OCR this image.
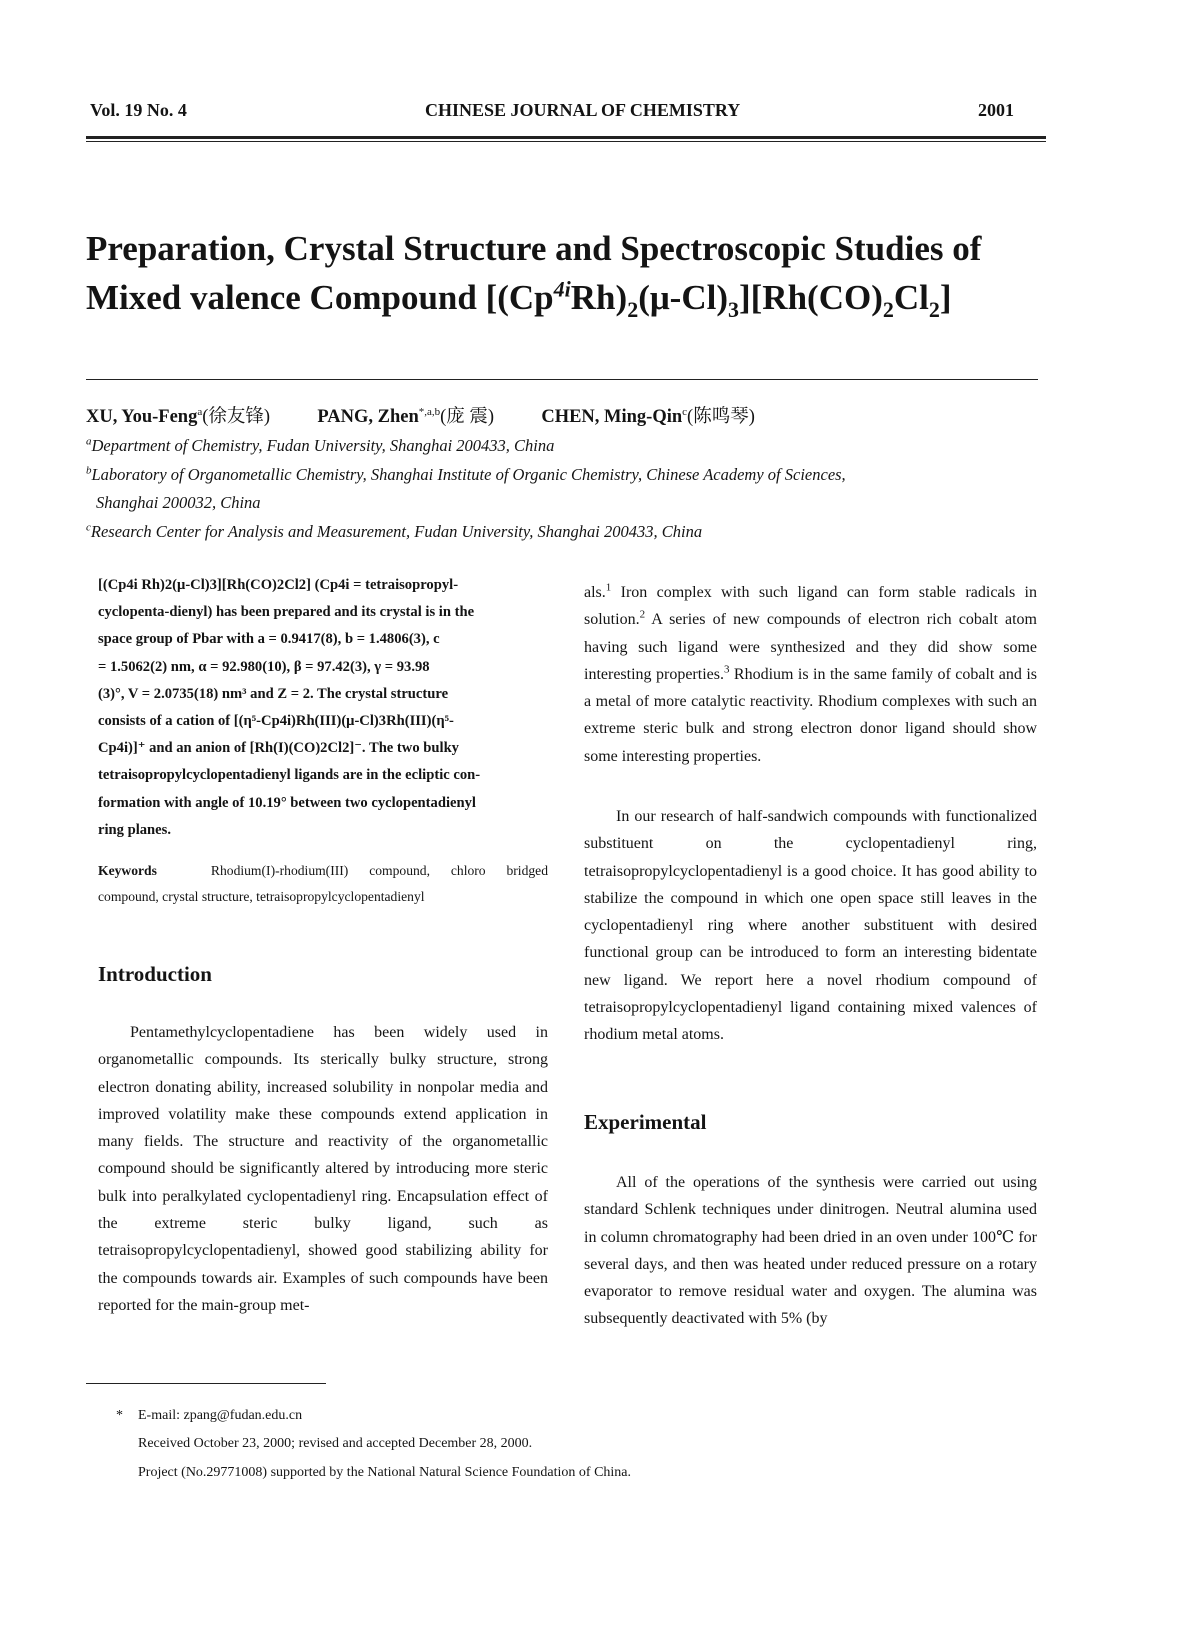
Vol. 19 No. 4	CHINESE JOURNAL OF CHEMISTRY	2001
Preparation, Crystal Structure and Spectroscopic Studies of
Mixed valence Compound $[(Cp^{4i}Rh)_2(\mu-Cl)_3][Rh(CO)_2Cl_2]$
XU, You-Feng$^a$(徐友锋)	PANG, Zhen$^{*,a,b}$(庞 震)	CHEN, Ming-Qin$^c$(陈鸣琴)
$^a$Department of Chemistry, Fudan University, Shanghai 200433, China
$^b$Laboratory of Organometallic Chemistry, Shanghai Institute of Organic Chemistry, Chinese Academy of Sciences,
Shanghai 200032, China
$^c$Research Center for Analysis and Measurement, Fudan University, Shanghai 200433, China
[(Cp4i Rh)2(μ-Cl)3][Rh(CO)2Cl2] (Cp4i = tetraisopropyl-
cyclopenta-dienyl) has been prepared and its crystal is in the
space group of Pbar with a = 0.9417(8), b = 1.4806(3), c
= 1.5062(2) nm, α = 92.980(10), β = 97.42(3), γ = 93.98
(3)°, V = 2.0735(18) nm³ and Z = 2. The crystal structure
consists of a cation of [(η⁵-Cp4i)Rh(III)(μ-Cl)3Rh(III)(η⁵-
Cp4i)]⁺ and an anion of [Rh(I)(CO)2Cl2]⁻. The two bulky
tetraisopropylcyclopentadienyl ligands are in the ecliptic con-
formation with angle of 10.19° between two cyclopentadienyl
ring planes.
Keywords	Rhodium(I)-rhodium(III) compound, chloro bridged compound, crystal structure, tetraisopropylcyclopentadienyl
Introduction
Pentamethylcyclopentadiene has been widely used in organometallic compounds. Its sterically bulky structure, strong electron donating ability, increased solubility in nonpolar media and improved volatility make these compounds extend application in many fields. The structure and reactivity of the organometallic compound should be significantly altered by introducing more steric bulk into peralkylated cyclopentadienyl ring. Encapsulation effect of the extreme steric bulky ligand, such as tetraisopropylcyclopentadienyl, showed good stabilizing ability for the compounds towards air. Examples of such compounds have been reported for the main-group met-
als.$^1$ Iron complex with such ligand can form stable radicals in solution.$^2$ A series of new compounds of electron rich cobalt atom having such ligand were synthesized and they did show some interesting properties.$^3$ Rhodium is in the same family of cobalt and is a metal of more catalytic reactivity. Rhodium complexes with such an extreme steric bulk and strong electron donor ligand should show some interesting properties.
In our research of half-sandwich compounds with functionalized substituent on the cyclopentadienyl ring, tetraisopropylcyclopentadienyl is a good choice. It has good ability to stabilize the compound in which one open space still leaves in the cyclopentadienyl ring where another substituent with desired functional group can be introduced to form an interesting bidentate new ligand. We report here a novel rhodium compound of tetraisopropylcyclopentadienyl ligand containing mixed valences of rhodium metal atoms.
Experimental
All of the operations of the synthesis were carried out using standard Schlenk techniques under dinitrogen. Neutral alumina used in column chromatography had been dried in an oven under 100℃ for several days, and then was heated under reduced pressure on a rotary evaporator to remove residual water and oxygen. The alumina was subsequently deactivated with 5% (by
* E-mail: zpang@fudan.edu.cn
Received October 23, 2000; revised and accepted December 28, 2000.
Project (No.29771008) supported by the National Natural Science Foundation of China.
